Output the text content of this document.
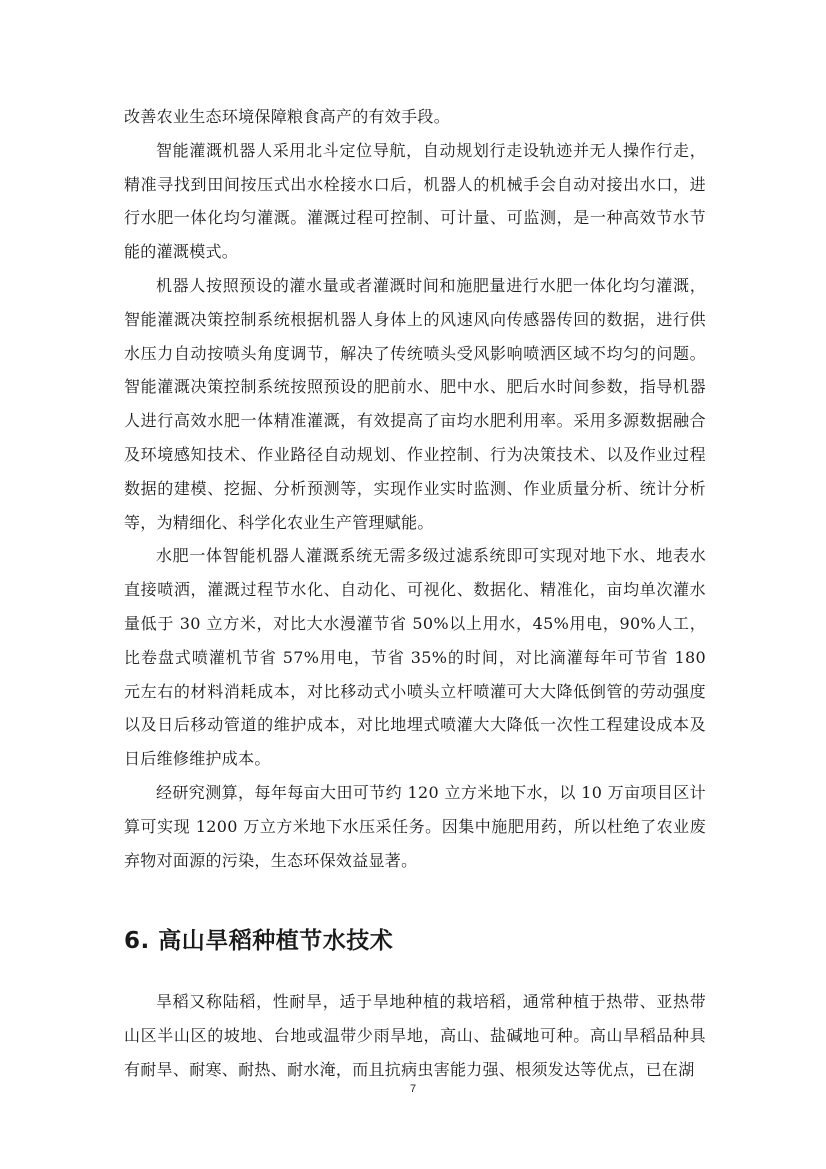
改善农业生态环境保障粮食高产的有效手段。

智能灌溉机器人采用北斗定位导航，自动规划行走设轨迹并无人操作行走，精准寻找到田间按压式出水栓接水口后，机器人的机械手会自动对接出水口，进行水肥一体化均匀灌溉。灌溉过程可控制、可计量、可监测，是一种高效节水节能的灌溉模式。

机器人按照预设的灌水量或者灌溉时间和施肥量进行水肥一体化均匀灌溉，智能灌溉决策控制系统根据机器人身体上的风速风向传感器传回的数据，进行供水压力自动按喷头角度调节，解决了传统喷头受风影响喷洒区域不均匀的问题。智能灌溉决策控制系统按照预设的肥前水、肥中水、肥后水时间参数，指导机器人进行高效水肥一体精准灌溉，有效提高了亩均水肥利用率。采用多源数据融合及环境感知技术、作业路径自动规划、作业控制、行为决策技术、以及作业过程数据的建模、挖掘、分析预测等，实现作业实时监测、作业质量分析、统计分析等，为精细化、科学化农业生产管理赋能。

水肥一体智能机器人灌溉系统无需多级过滤系统即可实现对地下水、地表水直接喷洒，灌溉过程节水化、自动化、可视化、数据化、精准化，亩均单次灌水量低于 30 立方米，对比大水漫灌节省 50%以上用水，45%用电，90%人工，比卷盘式喷灌机节省 57%用电，节省 35%的时间，对比滴灌每年可节省 180 元左右的材料消耗成本，对比移动式小喷头立杆喷灌可大大降低倒管的劳动强度以及日后移动管道的维护成本，对比地埋式喷灌大大降低一次性工程建设成本及日后维修维护成本。

经研究测算，每年每亩大田可节约 120 立方米地下水，以 10 万亩项目区计算可实现 1200 万立方米地下水压采任务。因集中施肥用药，所以杜绝了农业废弃物对面源的污染，生态环保效益显著。

6. 高山旱稻种植节水技术

旱稻又称陆稻，性耐旱，适于旱地种植的栽培稻，通常种植于热带、亚热带山区半山区的坡地、台地或温带少雨旱地，高山、盐碱地可种。高山旱稻品种具有耐旱、耐寒、耐热、耐水淹，而且抗病虫害能力强、根须发达等优点，已在湖

7
